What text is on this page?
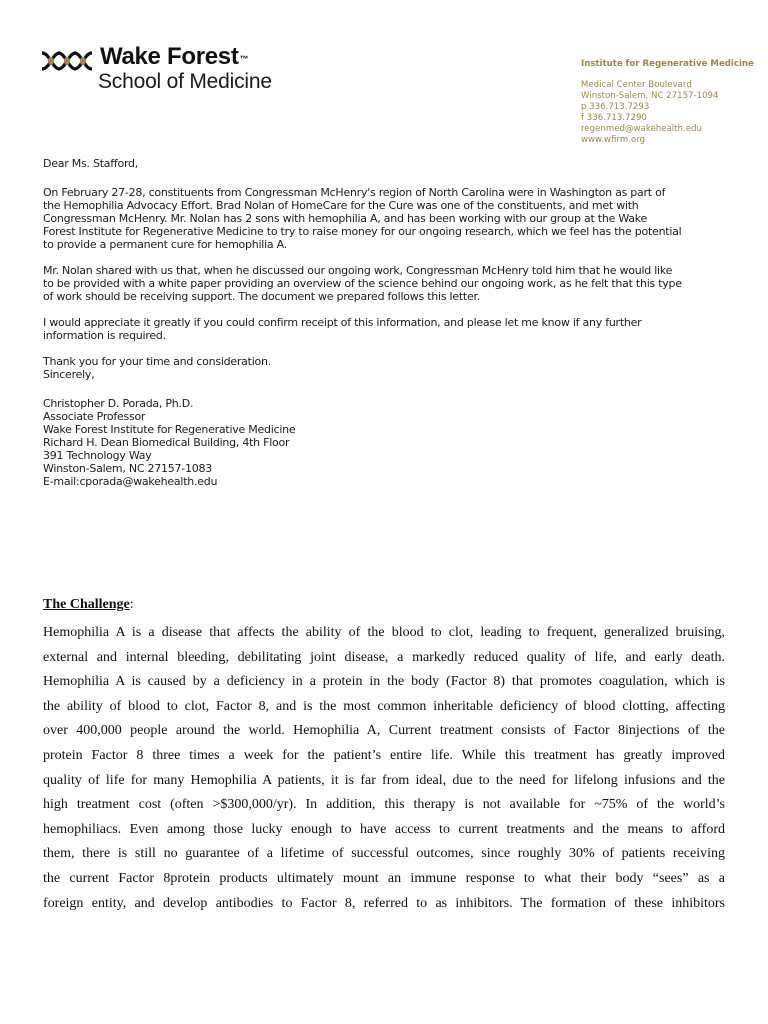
Wake Forest™
School of Medicine
Institute for Regenerative Medicine
Medical Center Boulevard
Winston-Salem, NC 27157-1094
p 336.713.7293
f 336.713.7290
regenmed@wakehealth.edu
www.wfirm.org

Dear Ms. Stafford,

On February 27-28, constituents from Congressman McHenry's region of North Carolina were in Washington as part of
the Hemophilia Advocacy Effort. Brad Nolan of HomeCare for the Cure was one of the constituents, and met with
Congressman McHenry. Mr. Nolan has 2 sons with hemophilia A, and has been working with our group at the Wake
Forest Institute for Regenerative Medicine to try to raise money for our ongoing research, which we feel has the potential
to provide a permanent cure for hemophilia A.

Mr. Nolan shared with us that, when he discussed our ongoing work, Congressman McHenry told him that he would like
to be provided with a white paper providing an overview of the science behind our ongoing work, as he felt that this type
of work should be receiving support. The document we prepared follows this letter.

I would appreciate it greatly if you could confirm receipt of this information, and please let me know if any further
information is required.

Thank you for your time and consideration.

Sincerely,

Christopher D. Porada, Ph.D.
Associate Professor
Wake Forest Institute for Regenerative Medicine
Richard H. Dean Biomedical Building, 4th Floor
391 Technology Way
Winston-Salem, NC 27157-1083
E-mail:cporada@wakehealth.edu
The Challenge:
Hemophilia A is a disease that affects the ability of the blood to clot, leading to frequent, generalized bruising,
external and internal bleeding, debilitating joint disease, a markedly reduced quality of life, and early death.
Hemophilia A is caused by a deficiency in a protein in the body (Factor 8) that promotes coagulation, which is
the ability of blood to clot, Factor 8, and is the most common inheritable deficiency of blood clotting, affecting
over 400,000 people around the world. Hemophilia A, Current treatment consists of Factor 8injections of the
protein Factor 8 three times a week for the patient’s entire life. While this treatment has greatly improved
quality of life for many Hemophilia A patients, it is far from ideal, due to the need for lifelong infusions and the
high treatment cost (often >$300,000/yr). In addition, this therapy is not available for ~75% of the world’s
hemophiliacs. Even among those lucky enough to have access to current treatments and the means to afford
them, there is still no guarantee of a lifetime of successful outcomes, since roughly 30% of patients receiving
the current Factor 8protein products ultimately mount an immune response to what their body “sees” as a
foreign entity, and develop antibodies to Factor 8, referred to as inhibitors. The formation of these inhibitors
